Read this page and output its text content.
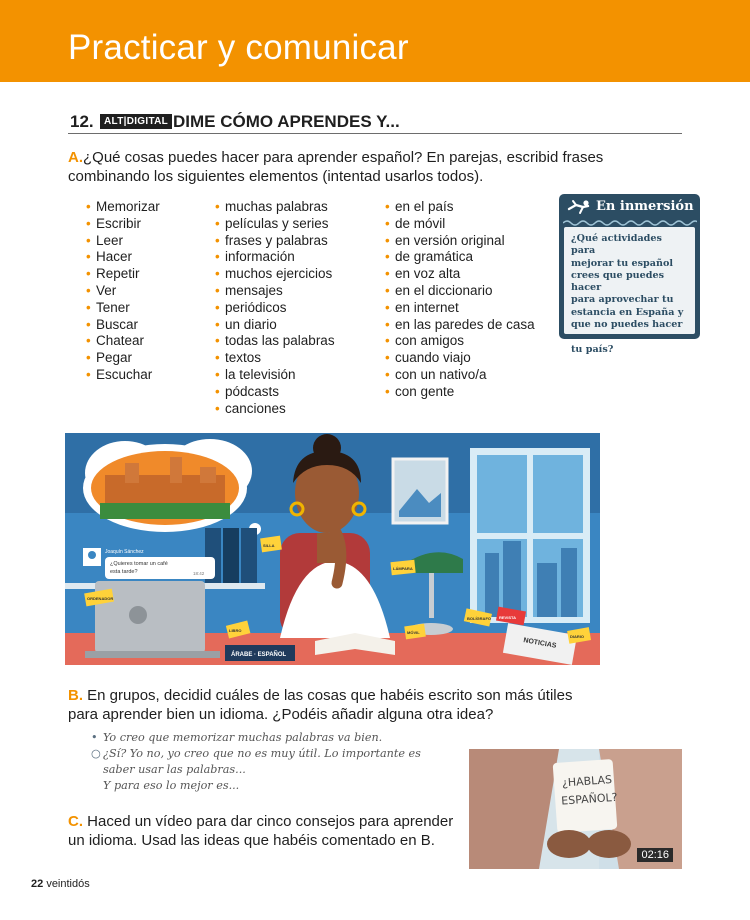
Practicar y comunicar
12.	ALT|DIGITAL DIME CÓMO APRENDES Y...
A.¿Qué cosas puedes hacer para aprender español? En parejas, escribid frases
combinando los siguientes elementos (intentad usarlos todos).
• Memorizar
• Escribir
• Leer
• Hacer
• Repetir
• Ver
• Tener
• Buscar
• Chatear
• Pegar
• Escuchar
• muchas palabras
• películas y series
• frases y palabras
• información
• muchos ejercicios
• mensajes
• periódicos
• un diario
• todas las palabras
• textos
• la televisión
• pódcasts
• canciones
• en el país
• de móvil
• en versión original
• de gramática
• en voz alta
• en el diccionario
• en internet
• en las paredes de casa
• con amigos
• cuando viajo
• con un nativo/a
• con gente
En inmersión
¿Qué actividades para
mejorar tu español
crees que puedes hacer
para aprovechar tu
estancia en España y
que no puedes hacer en
tu país?
Joaquín Sánchez
¿Quieres tomar un café
esta tarde?	18:42
ÁRABE · ESPAÑOL
NOTICIAS
SILLA
ORDENADOR
LÁMPARA
BOLÍGRAFO
LIBRO	MÓVIL
REVISTA
DIARIO
B. En grupos, decidid cuáles de las cosas que habéis escrito son más útiles
para aprender bien un idioma. ¿Podéis añadir alguna otra idea?
• Yo creo que memorizar muchas palabras va bien.
○ ¿Sí? Yo no, yo creo que no es muy útil. Lo importante es
saber usar las palabras...
Y para eso lo mejor es...
C. Haced un vídeo para dar cinco consejos para aprender
un idioma. Usad las ideas que habéis comentado en B.
¿HABLAS
ESPAÑOL?
02:16
22 veintidós
